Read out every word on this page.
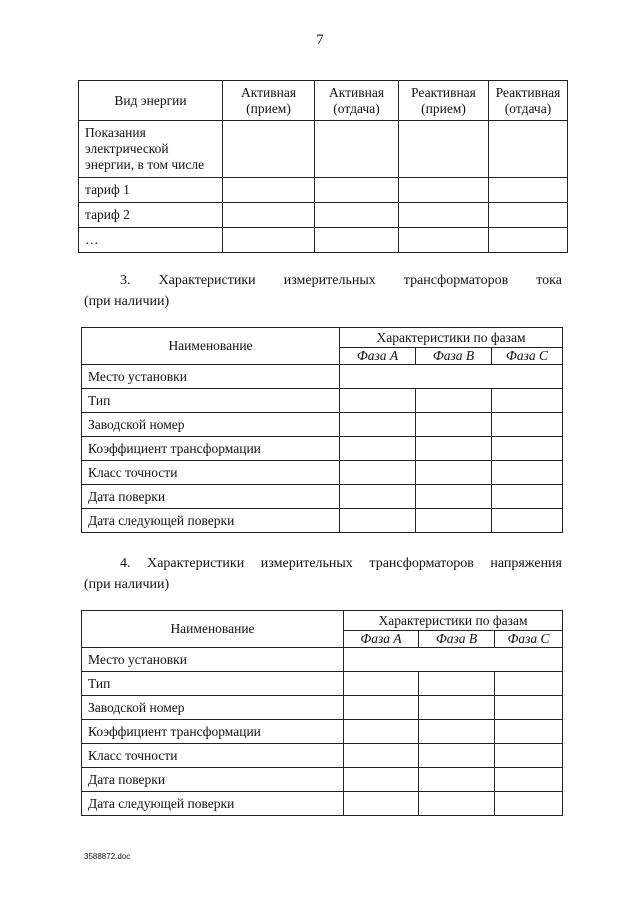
7
Вид энергии	Активная (прием)	Активная (отдача)	Реактивная (прием)	Реактивная (отдача)
Показания электрической энергии, в том числе				
тариф 1				
тариф 2				
…				
3. Характеристики измерительных трансформаторов тока
(при наличии)
Наименование	Характеристики по фазам		
	Фаза А	Фаза В	Фаза С
Место установки			
Тип			
Заводской номер			
Коэффициент трансформации			
Класс точности			
Дата поверки			
Дата следующей поверки			
4. Характеристики измерительных трансформаторов напряжения
(при наличии)
Наименование	Характеристики по фазам		
	Фаза А	Фаза В	Фаза С
Место установки			
Тип			
Заводской номер			
Коэффициент трансформации			
Класс точности			
Дата поверки			
Дата следующей поверки			
3588872.doc
